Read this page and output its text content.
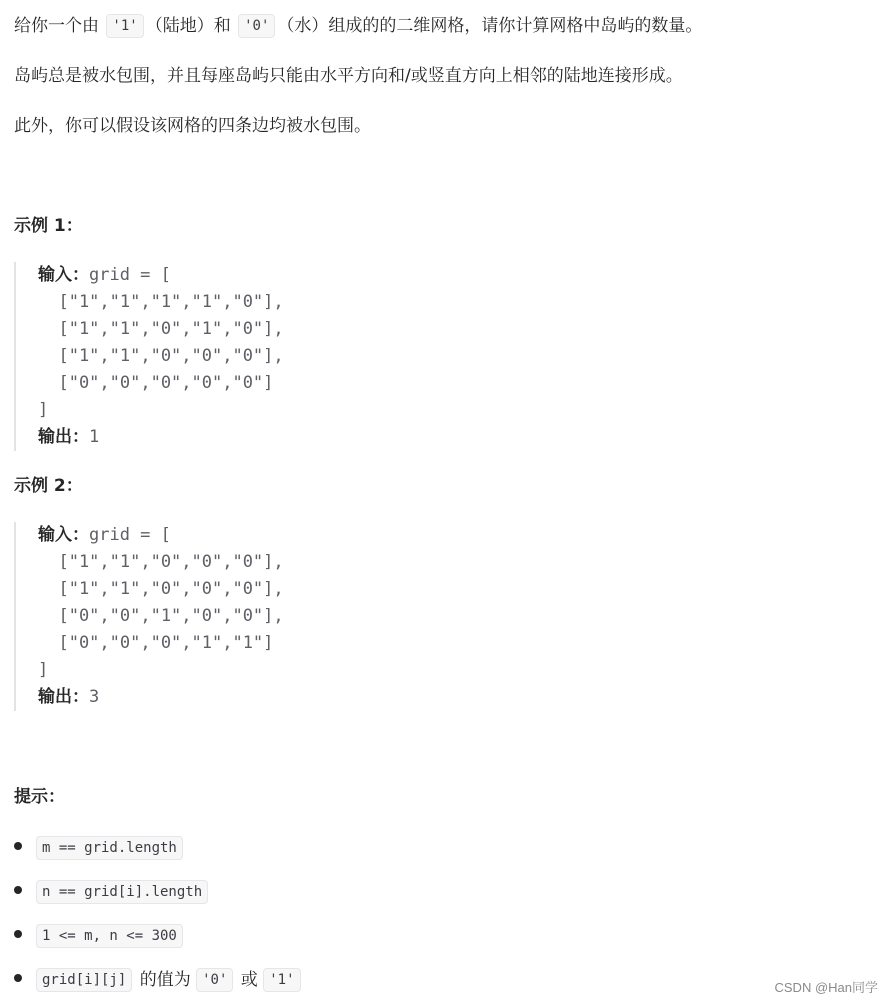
给你一个由 '1' （陆地）和 '0' （水）组成的的二维网格，请你计算网格中岛屿的数量。
岛屿总是被水包围，并且每座岛屿只能由水平方向和/或竖直方向上相邻的陆地连接形成。
此外，你可以假设该网格的四条边均被水包围。
示例 1：
输入：grid = [
["1","1","1","1","0"],
["1","1","0","1","0"],
["1","1","0","0","0"],
["0","0","0","0","0"]
]
输出：1
示例 2：
输入：grid = [
["1","1","0","0","0"],
["1","1","0","0","0"],
["0","0","1","0","0"],
["0","0","0","1","1"]
]
输出：3
提示：
m == grid.length
n == grid[i].length
1 <= m, n <= 300
grid[i][j] 的值为 '0' 或 '1'	CSDN @Han同学
